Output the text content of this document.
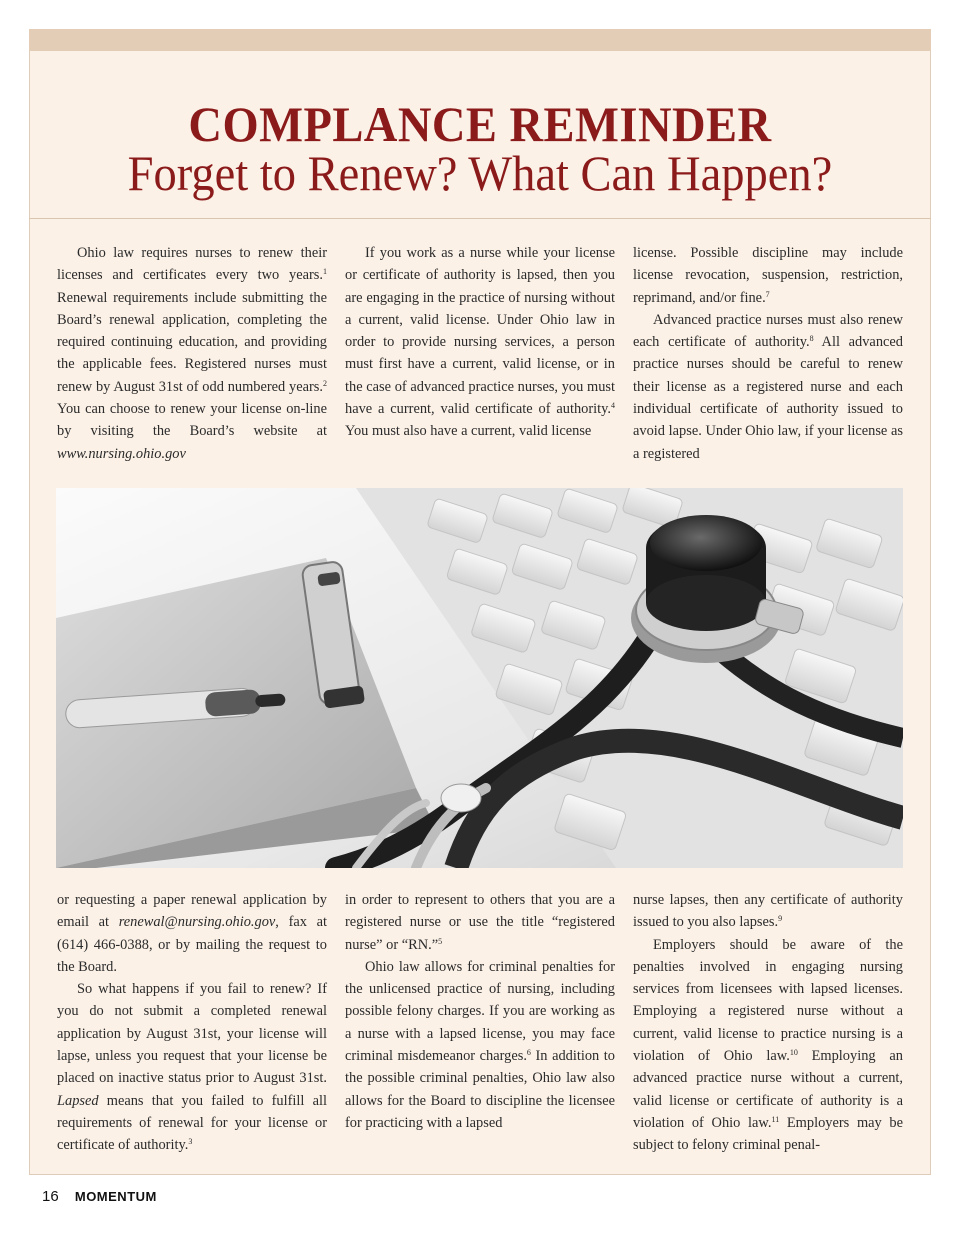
COMPLANCE REMINDER
Forget to Renew? What Can Happen?

Ohio law requires nurses to renew their licenses and certificates every two years.$^1$ Renewal requirements include submitting the Board’s renewal application, completing the required continuing education, and providing the applicable fees. Registered nurses must renew by August 31st of odd numbered years.$^2$ You can choose to renew your license on-line by visiting the Board’s website at www.nursing.ohio.gov

If you work as a nurse while your license or certificate of authority is lapsed, then you are engaging in the practice of nursing without a current, valid license. Under Ohio law in order to provide nursing services, a person must first have a current, valid license, or in the case of advanced practice nurses, you must have a current, valid certificate of authority.$^4$ You must also have a current, valid license

license. Possible discipline may include license revocation, suspension, restriction, reprimand, and/or fine.$^7$

Advanced practice nurses must also renew each certificate of authority.$^8$ All advanced practice nurses should be careful to renew their license as a registered nurse and each individual certificate of authority issued to avoid lapse. Under Ohio law, if your license as a registered

or requesting a paper renewal application by email at renewal@nursing.ohio.gov, fax at (614) 466-0388, or by mailing the request to the Board.

So what happens if you fail to renew? If you do not submit a completed renewal application by August 31st, your license will lapse, unless you request that your license be placed on inactive status prior to August 31st. Lapsed means that you failed to fulfill all requirements of renewal for your license or certificate of authority.$^3$

in order to represent to others that you are a registered nurse or use the title “registered nurse” or “RN.”$^5$

Ohio law allows for criminal penalties for the unlicensed practice of nursing, including possible felony charges. If you are working as a nurse with a lapsed license, you may face criminal misdemeanor charges.$^6$ In addition to the possible criminal penalties, Ohio law also allows for the Board to discipline the licensee for practicing with a lapsed

nurse lapses, then any certificate of authority issued to you also lapses.$^9$

Employers should be aware of the penalties involved in engaging nursing services from licensees with lapsed licenses. Employing a registered nurse without a current, valid license to practice nursing is a violation of Ohio law.$^{10}$ Employing an advanced practice nurse without a current, valid license or certificate of authority is a violation of Ohio law.$^{11}$ Employers may be subject to felony criminal penal-

16 MOMENTUM
